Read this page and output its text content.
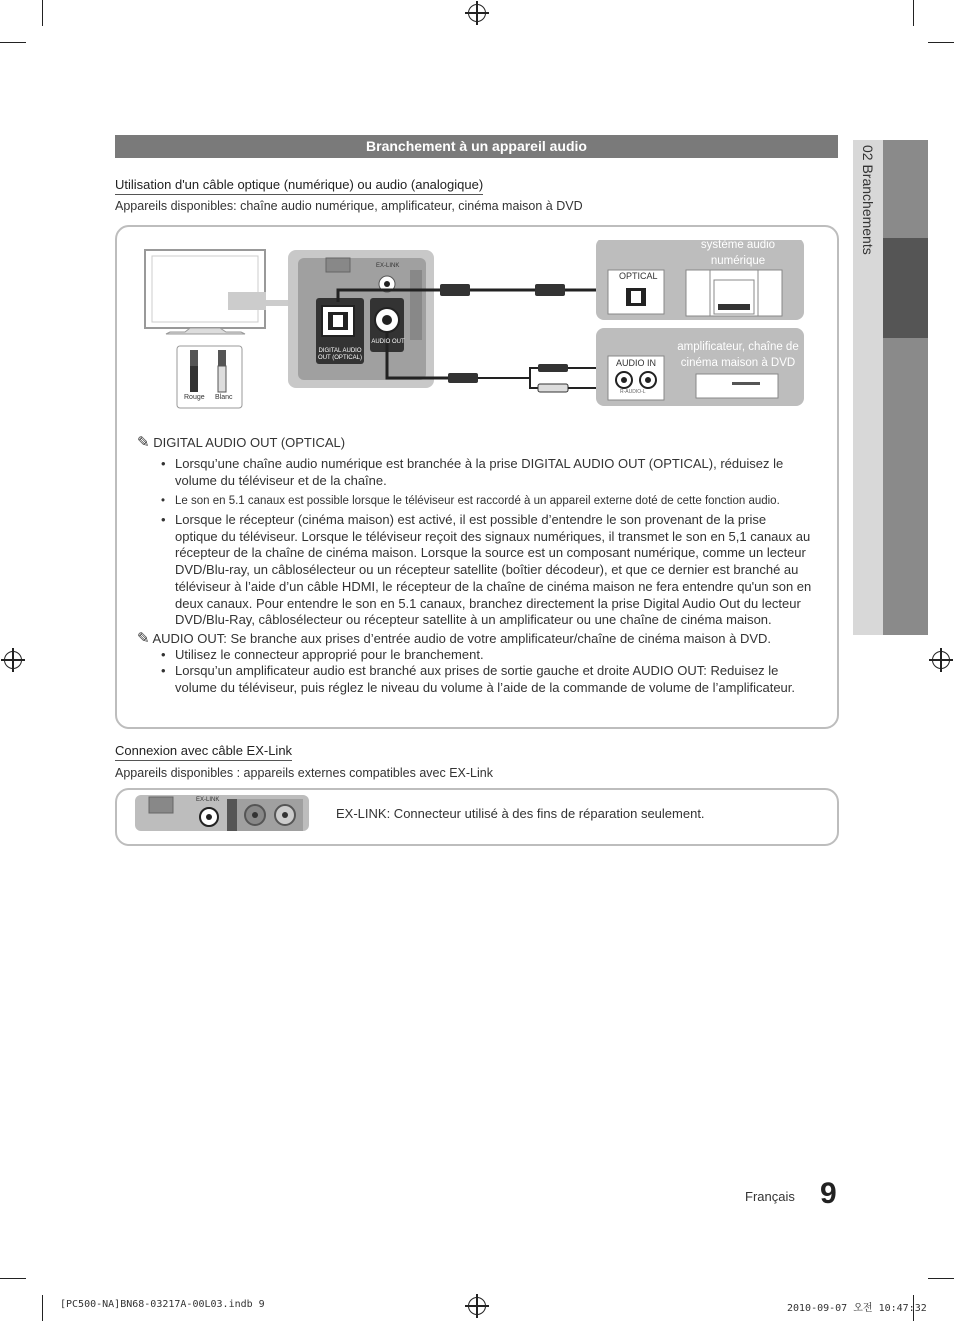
02 Branchements
Branchement à un appareil audio
Utilisation d'un câble optique (numérique) ou audio (analogique)
Appareils disponibles: chaîne audio numérique, amplificateur, cinéma maison à DVD
Rouge Blanc
EX-LINK
DIGITAL AUDIO OUT (OPTICAL)
AUDIO OUT
système audio numérique
OPTICAL
amplificateur, chaîne de cinéma maison à DVD
AUDIO IN
R-AUDIO-L
✎ DIGITAL AUDIO OUT (OPTICAL)
• Lorsqu’une chaîne audio numérique est branchée à la prise DIGITAL AUDIO OUT (OPTICAL), réduisez le
volume du téléviseur et de la chaîne.
• Le son en 5.1 canaux est possible lorsque le téléviseur est raccordé à un appareil externe doté de cette fonction audio.
• Lorsque le récepteur (cinéma maison) est activé, il est possible d’entendre le son provenant de la prise
optique du téléviseur. Lorsque le téléviseur reçoit des signaux numériques, il transmet le son en 5,1 canaux au
récepteur de la chaîne de cinéma maison. Lorsque la source est un composant numérique, comme un lecteur
DVD/Blu-ray, un câblosélecteur ou un récepteur satellite (boîtier décodeur), et que ce dernier est branché au
téléviseur à l’aide d’un câble HDMI, le récepteur de la chaîne de cinéma maison ne fera entendre qu'un son en
deux canaux. Pour entendre le son en 5.1 canaux, branchez directement la prise Digital Audio Out du lecteur
DVD/Blu-Ray, câblosélecteur ou récepteur satellite à un amplificateur ou une chaîne de cinéma maison.
✎ AUDIO OUT: Se branche aux prises d’entrée audio de votre amplificateur/chaîne de cinéma maison à DVD.
• Utilisez le connecteur approprié pour le branchement.
• Lorsqu’un amplificateur audio est branché aux prises de sortie gauche et droite AUDIO OUT: Reduisez le
volume du téléviseur, puis réglez le niveau du volume à l’aide de la commande de volume de l’amplificateur.
Connexion avec câble EX-Link
Appareils disponibles : appareils externes compatibles avec EX-Link
EX-LINK
EX-LINK: Connecteur utilisé à des fins de réparation seulement.
Français 9
[PC500-NA]BN68-03217A-00L03.indb 9	2010-09-07 오전 10:47:32
